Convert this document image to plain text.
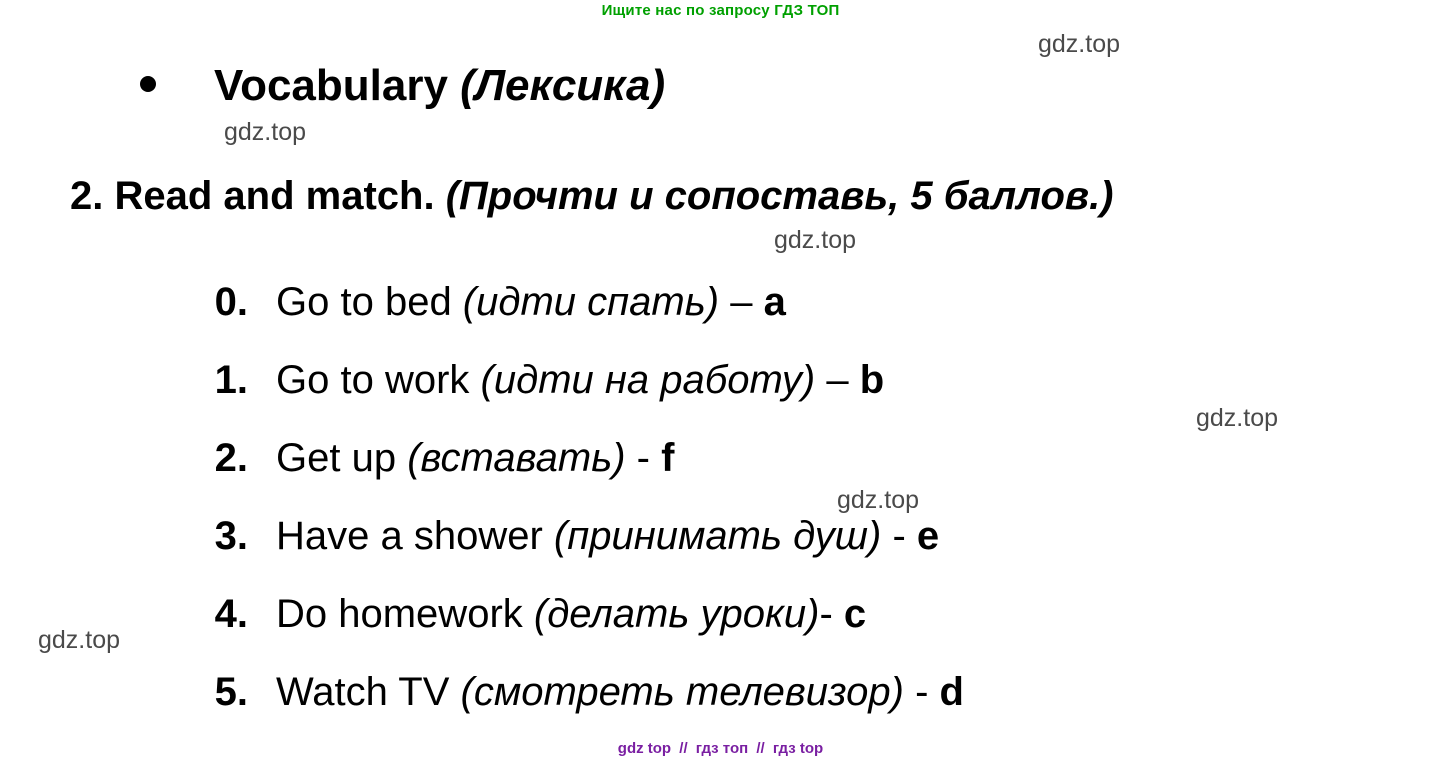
Ищите нас по запросу ГДЗ ТОП
gdz.top
gdz.top
gdz.top
gdz.top
gdz.top
gdz.top
Vocabulary (Лексика)
2. Read and match. (Прочти и сопоставь, 5 баллов.)
0. Go to bed (идти спать) – a
1. Go to work (идти на работу) – b
2. Get up (вставать) - f
3. Have a shower (принимать душ) - e
4. Do homework (делать уроки)- c
5. Watch TV (смотреть телевизор) - d
gdz top // гдз топ // гдз top
